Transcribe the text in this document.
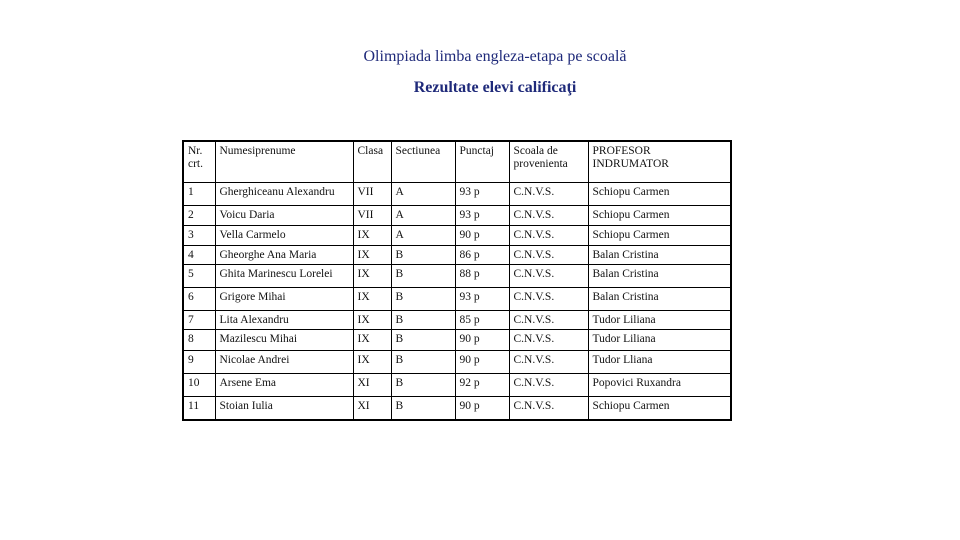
Olimpiada limba engleza-etapa pe scoală
Rezultate elevi calificaţi
Nr. crt.	Numesiprenume	Clasa	Sectiunea	Punctaj	Scoala de provenienta	PROFESOR INDRUMATOR
1	Gherghiceanu Alexandru	VII	A	93 p	C.N.V.S.	Schiopu Carmen
2	Voicu Daria	VII	A	93 p	C.N.V.S.	Schiopu Carmen
3	Vella Carmelo	IX	A	90 p	C.N.V.S.	Schiopu Carmen
4	Gheorghe Ana Maria	IX	B	86 p	C.N.V.S.	Balan Cristina
5	Ghita Marinescu Lorelei	IX	B	88 p	C.N.V.S.	Balan Cristina
6	Grigore Mihai	IX	B	93 p	C.N.V.S.	Balan Cristina
7	Lita Alexandru	IX	B	85 p	C.N.V.S.	Tudor Liliana
8	Mazilescu Mihai	IX	B	90 p	C.N.V.S.	Tudor Liliana
9	Nicolae Andrei	IX	B	90 p	C.N.V.S.	Tudor Lliana
10	Arsene Ema	XI	B	92 p	C.N.V.S.	Popovici Ruxandra
11	Stoian Iulia	XI	B	90 p	C.N.V.S.	Schiopu Carmen
